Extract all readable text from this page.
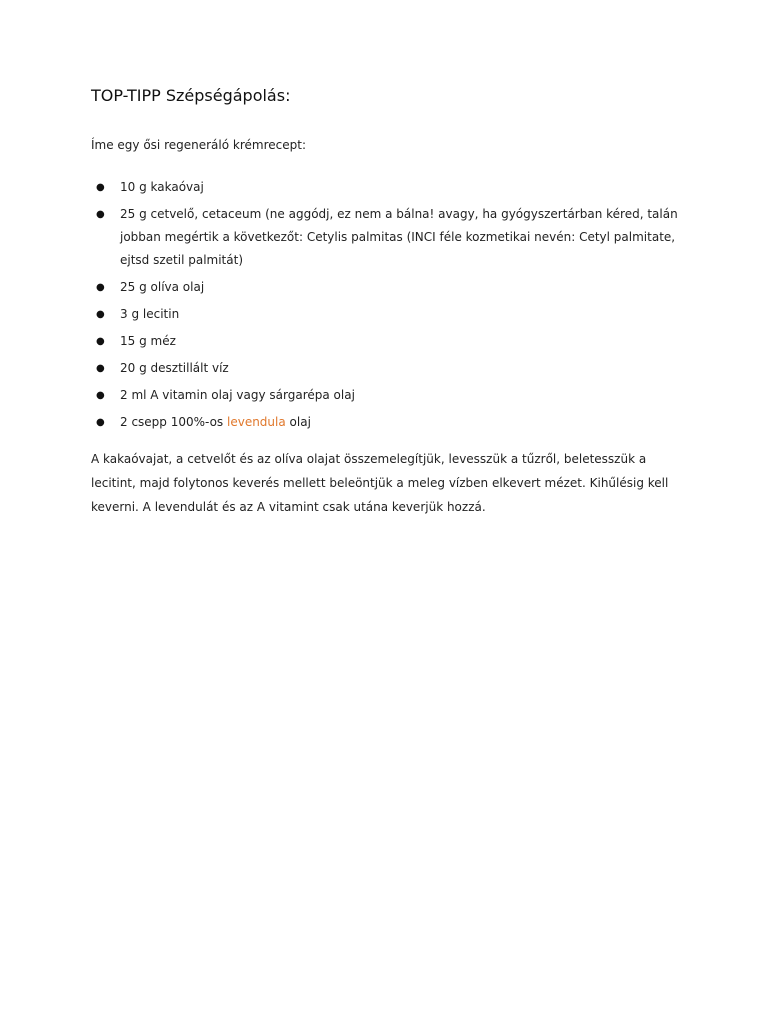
TOP-TIPP Szépségápolás:

Íme egy ősi regeneráló krémrecept:

● 10 g kakaóvaj
● 25 g cetvelő, cetaceum (ne aggódj, ez nem a bálna! avagy, ha gyógyszertárban kéred, talán jobban megértik a következőt: Cetylis palmitas (INCI féle kozmetikai nevén: Cetyl palmitate, ejtsd szetil palmitát)
● 25 g olíva olaj
● 3 g lecitin
● 15 g méz
● 20 g desztillált víz
● 2 ml A vitamin olaj vagy sárgarépa olaj
● 2 csepp 100%-os levendula olaj

A kakaóvajat, a cetvelőt és az olíva olajat összemelegítjük, levesszük a tűzről, beletesszük a lecitint, majd folytonos keverés mellett beleöntjük a meleg vízben elkevert mézet. Kihűlésig kell keverni. A levendulát és az A vitamint csak utána keverjük hozzá.
